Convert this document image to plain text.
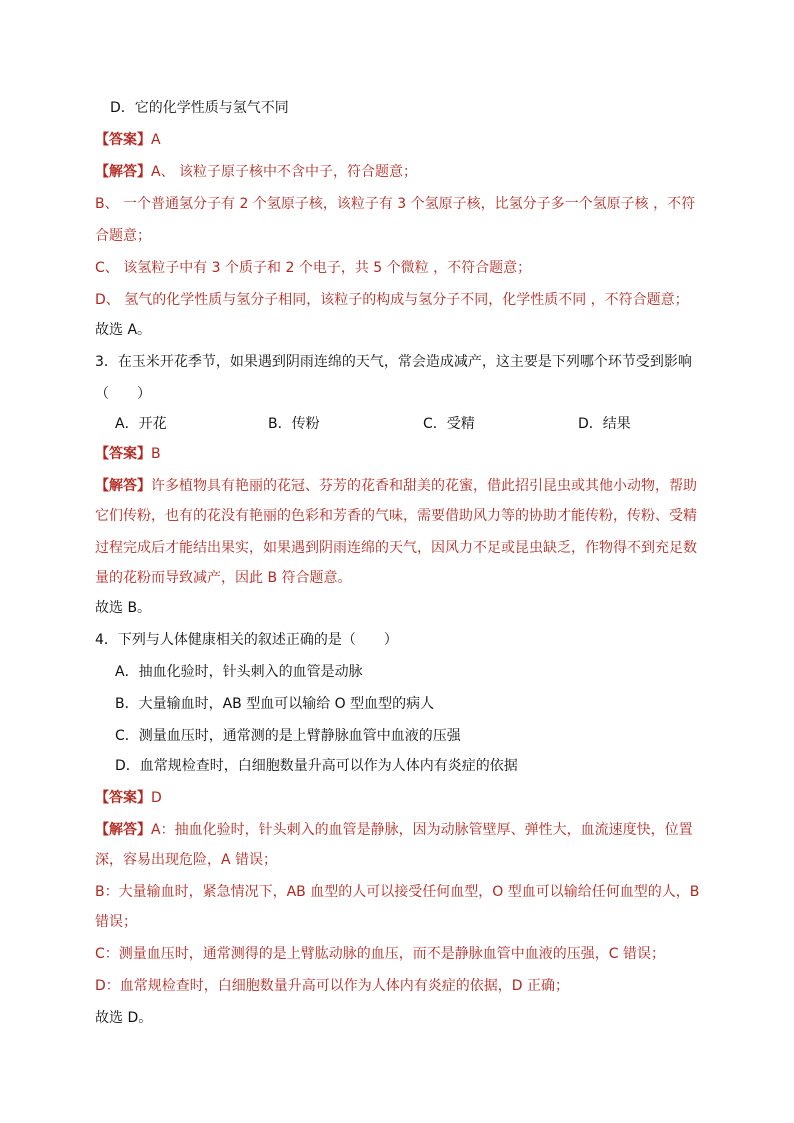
D．它的化学性质与氢气不同
【答案】A
【解答】A、 该粒子原子核中不含中子，符合题意；
B、 一个普通氢分子有 2 个氢原子核，该粒子有 3 个氢原子核，比氢分子多一个氢原子核 ，不符
合题意；
C、 该氢粒子中有 3 个质子和 2 个电子，共 5 个微粒 ，不符合题意；
D、 氢气的化学性质与氢分子相同，该粒子的构成与氢分子不同，化学性质不同 ，不符合题意；
故选 A。
3．在玉米开花季节，如果遇到阴雨连绵的天气，常会造成减产，这主要是下列哪个环节受到影响
（　　）
A．开花	B．传粉	C．受精	D．结果
【答案】B
【解答】许多植物具有艳丽的花冠、芬芳的花香和甜美的花蜜，借此招引昆虫或其他小动物，帮助
它们传粉，也有的花没有艳丽的色彩和芳香的气味，需要借助风力等的协助才能传粉，传粉、受精
过程完成后才能结出果实，如果遇到阴雨连绵的天气，因风力不足或昆虫缺乏，作物得不到充足数
量的花粉而导致减产，因此 B 符合题意。
故选 B。
4．下列与人体健康相关的叙述正确的是（　　）
A．抽血化验时，针头刺入的血管是动脉
B．大量输血时，AB 型血可以输给 O 型血型的病人
C．测量血压时，通常测的是上臂静脉血管中血液的压强
D．血常规检查时，白细胞数量升高可以作为人体内有炎症的依据
【答案】D
【解答】A：抽血化验时，针头刺入的血管是静脉，因为动脉管壁厚、弹性大，血流速度快，位置
深，容易出现危险，A 错误；
B：大量输血时，紧急情况下，AB 血型的人可以接受任何血型，O 型血可以输给任何血型的人，B
错误；
C：测量血压时，通常测得的是上臂肱动脉的血压，而不是静脉血管中血液的压强，C 错误；
D：血常规检查时，白细胞数量升高可以作为人体内有炎症的依据，D 正确；
故选 D。
